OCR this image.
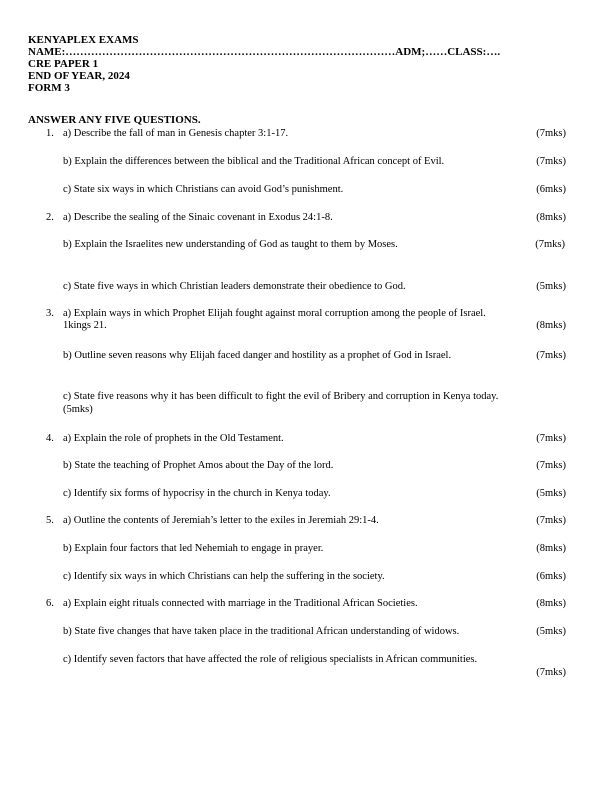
KENYAPLEX EXAMS
NAME:………………………………………………………………………………ADM;……CLASS:….
CRE PAPER 1
END OF YEAR, 2024
FORM 3
ANSWER ANY FIVE QUESTIONS.
1. a) Describe the fall of man in Genesis chapter 3:1-17.	(7mks)
b) Explain the differences between the biblical and the Traditional African concept of Evil.	(7mks)
c) State six ways in which Christians can avoid God’s punishment.	(6mks)
2. a) Describe the sealing of the Sinaic covenant in Exodus 24:1-8.	(8mks)
b) Explain the Israelites new understanding of God as taught to them by Moses.	(7mks)
c) State five ways in which Christian leaders demonstrate their obedience to God.	(5mks)
3. a) Explain ways in which Prophet Elijah fought against moral corruption among the people of Israel.
1kings 21.	(8mks)
b) Outline seven reasons why Elijah faced danger and hostility as a prophet of God in Israel.	(7mks)
c) State five reasons why it has been difficult to fight the evil of Bribery and corruption in Kenya today.
(5mks)
4. a) Explain the role of prophets in the Old Testament.	(7mks)
b) State the teaching of Prophet Amos about the Day of the lord.	(7mks)
c) Identify six forms of hypocrisy in the church in Kenya today.	(5mks)
5. a) Outline the contents of Jeremiah’s letter to the exiles in Jeremiah 29:1-4.	(7mks)
b) Explain four factors that led Nehemiah to engage in prayer.	(8mks)
c) Identify six ways in which Christians can help the suffering in the society.	(6mks)
6. a) Explain eight rituals connected with marriage in the Traditional African Societies.	(8mks)
b) State five changes that have taken place in the traditional African understanding of widows.	(5mks)
c) Identify seven factors that have affected the role of religious specialists in African communities.
(7mks)
